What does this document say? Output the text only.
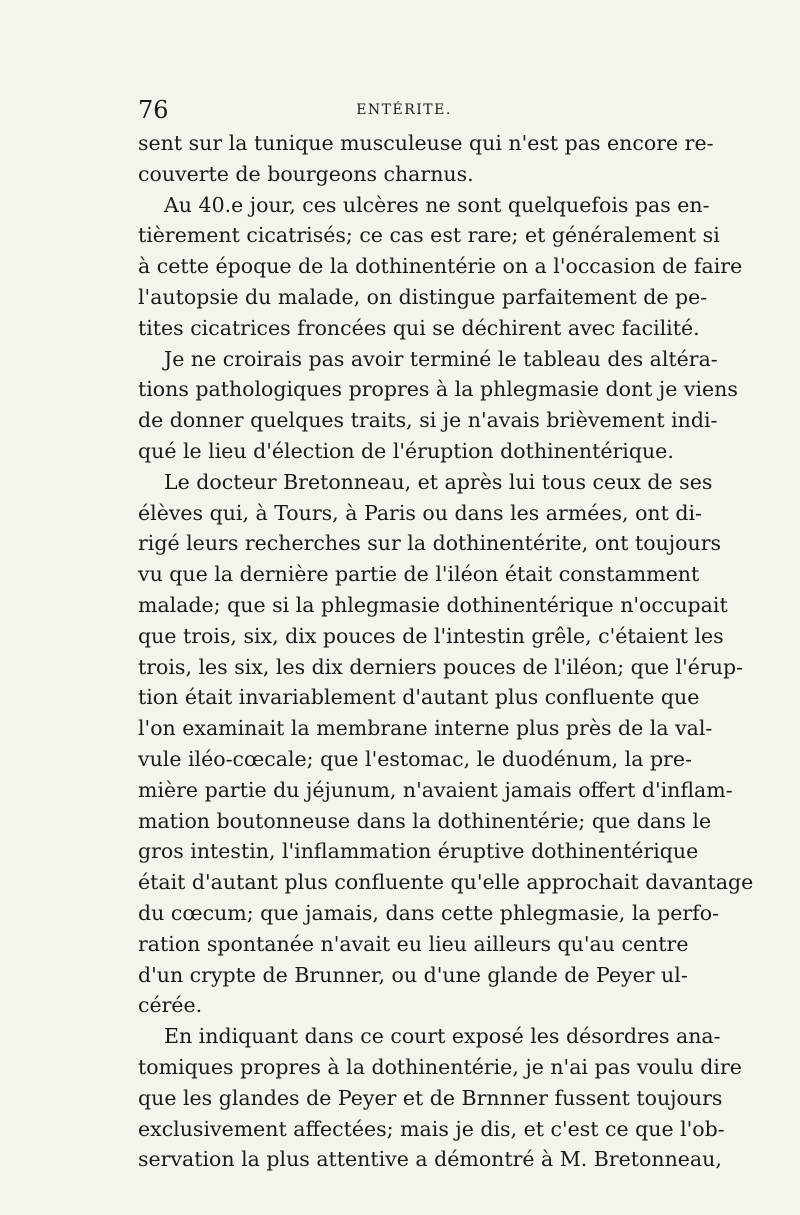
76	ENTÉRITE.
sent sur la tunique musculeuse qui n'est pas encore re-
couverte de bourgeons charnus.
Au 40.e jour, ces ulcères ne sont quelquefois pas en-
tièrement cicatrisés; ce cas est rare; et généralement si
à cette époque de la dothinentérie on a l'occasion de faire
l'autopsie du malade, on distingue parfaitement de pe-
tites cicatrices froncées qui se déchirent avec facilité.
Je ne croirais pas avoir terminé le tableau des altéra-
tions pathologiques propres à la phlegmasie dont je viens
de donner quelques traits, si je n'avais brièvement indi-
qué le lieu d'élection de l'éruption dothinentérique.
Le docteur Bretonneau, et après lui tous ceux de ses
élèves qui, à Tours, à Paris ou dans les armées, ont di-
rigé leurs recherches sur la dothinentérite, ont toujours
vu que la dernière partie de l'iléon était constamment
malade; que si la phlegmasie dothinentérique n'occupait
que trois, six, dix pouces de l'intestin grêle, c'étaient les
trois, les six, les dix derniers pouces de l'iléon; que l'érup-
tion était invariablement d'autant plus confluente que
l'on examinait la membrane interne plus près de la val-
vule iléo-cœcale; que l'estomac, le duodénum, la pre-
mière partie du jéjunum, n'avaient jamais offert d'inflam-
mation boutonneuse dans la dothinentérie; que dans le
gros intestin, l'inflammation éruptive dothinentérique
était d'autant plus confluente qu'elle approchait davantage
du cœcum; que jamais, dans cette phlegmasie, la perfo-
ration spontanée n'avait eu lieu ailleurs qu'au centre
d'un crypte de Brunner, ou d'une glande de Peyer ul-
cérée.
En indiquant dans ce court exposé les désordres ana-
tomiques propres à la dothinentérie, je n'ai pas voulu dire
que les glandes de Peyer et de Brnnner fussent toujours
exclusivement affectées; mais je dis, et c'est ce que l'ob-
servation la plus attentive a démontré à M. Bretonneau,
